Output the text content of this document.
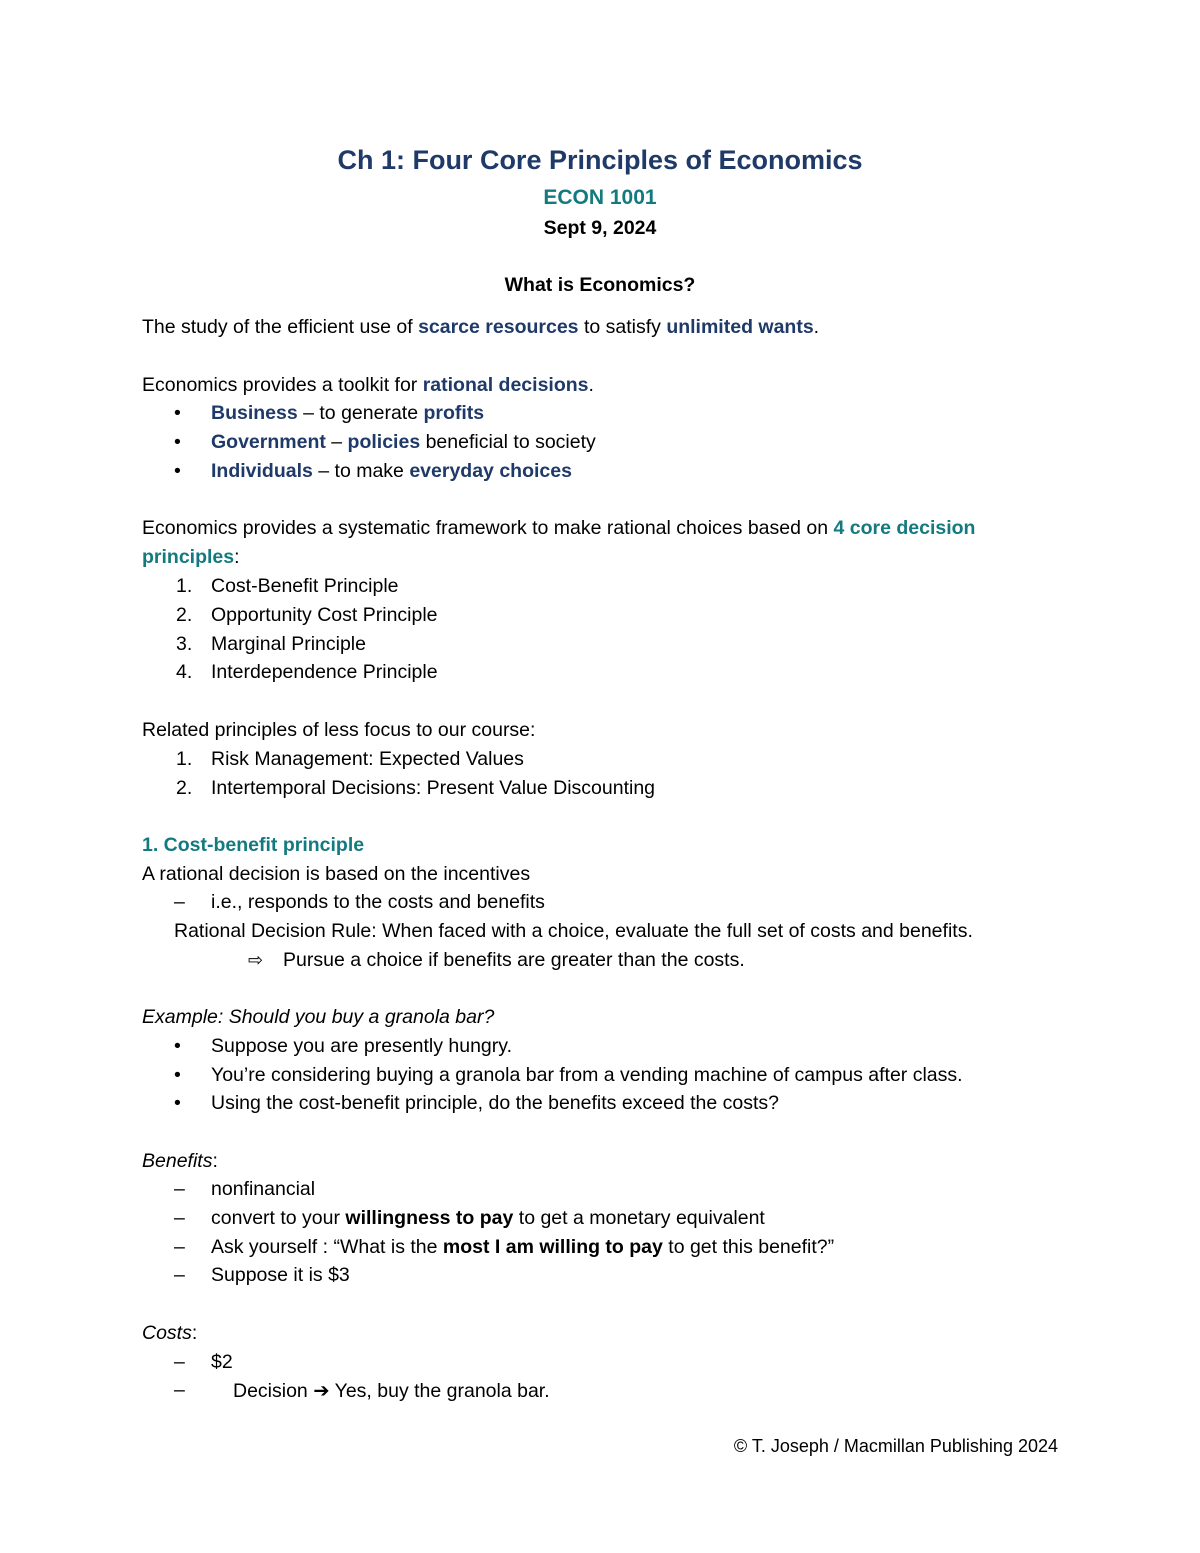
Ch 1: Four Core Principles of Economics
ECON 1001
Sept 9, 2024
What is Economics?
The study of the efficient use of scarce resources to satisfy unlimited wants.
Economics provides a toolkit for rational decisions.
• Business – to generate profits
• Government – policies beneficial to society
• Individuals – to make everyday choices
Economics provides a systematic framework to make rational choices based on 4 core decision
principles:
1. Cost-Benefit Principle
2. Opportunity Cost Principle
3. Marginal Principle
4. Interdependence Principle
Related principles of less focus to our course:
1. Risk Management: Expected Values
2. Intertemporal Decisions: Present Value Discounting
1. Cost-benefit principle
A rational decision is based on the incentives
– i.e., responds to the costs and benefits
Rational Decision Rule: When faced with a choice, evaluate the full set of costs and benefits.
⇨ Pursue a choice if benefits are greater than the costs.
Example: Should you buy a granola bar?
• Suppose you are presently hungry.
• You’re considering buying a granola bar from a vending machine of campus after class.
• Using the cost-benefit principle, do the benefits exceed the costs?
Benefits:
– nonfinancial
– convert to your willingness to pay to get a monetary equivalent
– Ask yourself : “What is the most I am willing to pay to get this benefit?”
– Suppose it is $3
Costs:
– $2
– Decision ➔ Yes, buy the granola bar.
© T. Joseph / Macmillan Publishing 2024
